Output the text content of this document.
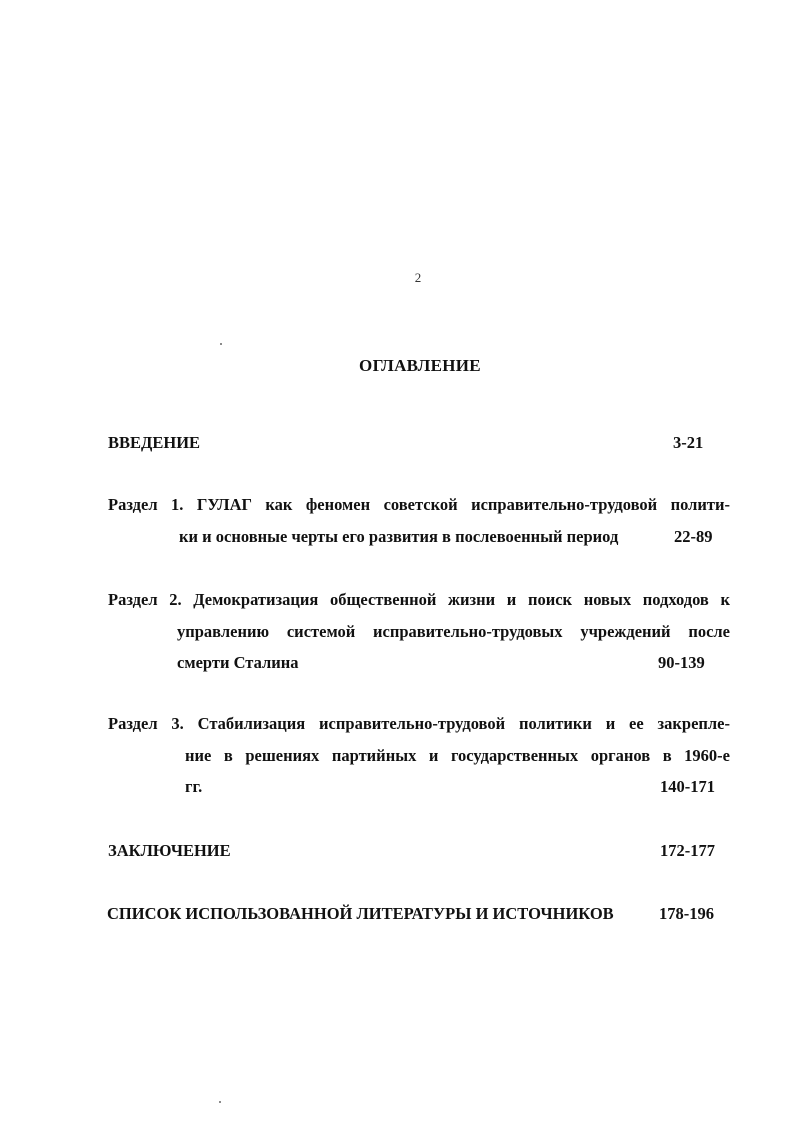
2
ОГЛАВЛЕНИЕ
ВВЕДЕНИЕ	3-21
Раздел 1. ГУЛАГ как феномен советской исправительно-трудовой полити-
ки и основные черты его развития в послевоенный период	22-89
Раздел 2. Демократизация общественной жизни и поиск новых подходов к
управлению системой исправительно-трудовых учреждений после
смерти Сталина	90-139
Раздел 3. Стабилизация исправительно-трудовой политики и ее закрепле-
ние в решениях партийных и государственных органов в 1960-е
гг.	140-171
ЗАКЛЮЧЕНИЕ	172-177
СПИСОК ИСПОЛЬЗОВАННОЙ ЛИТЕРАТУРЫ И ИСТОЧНИКОВ	178-196
